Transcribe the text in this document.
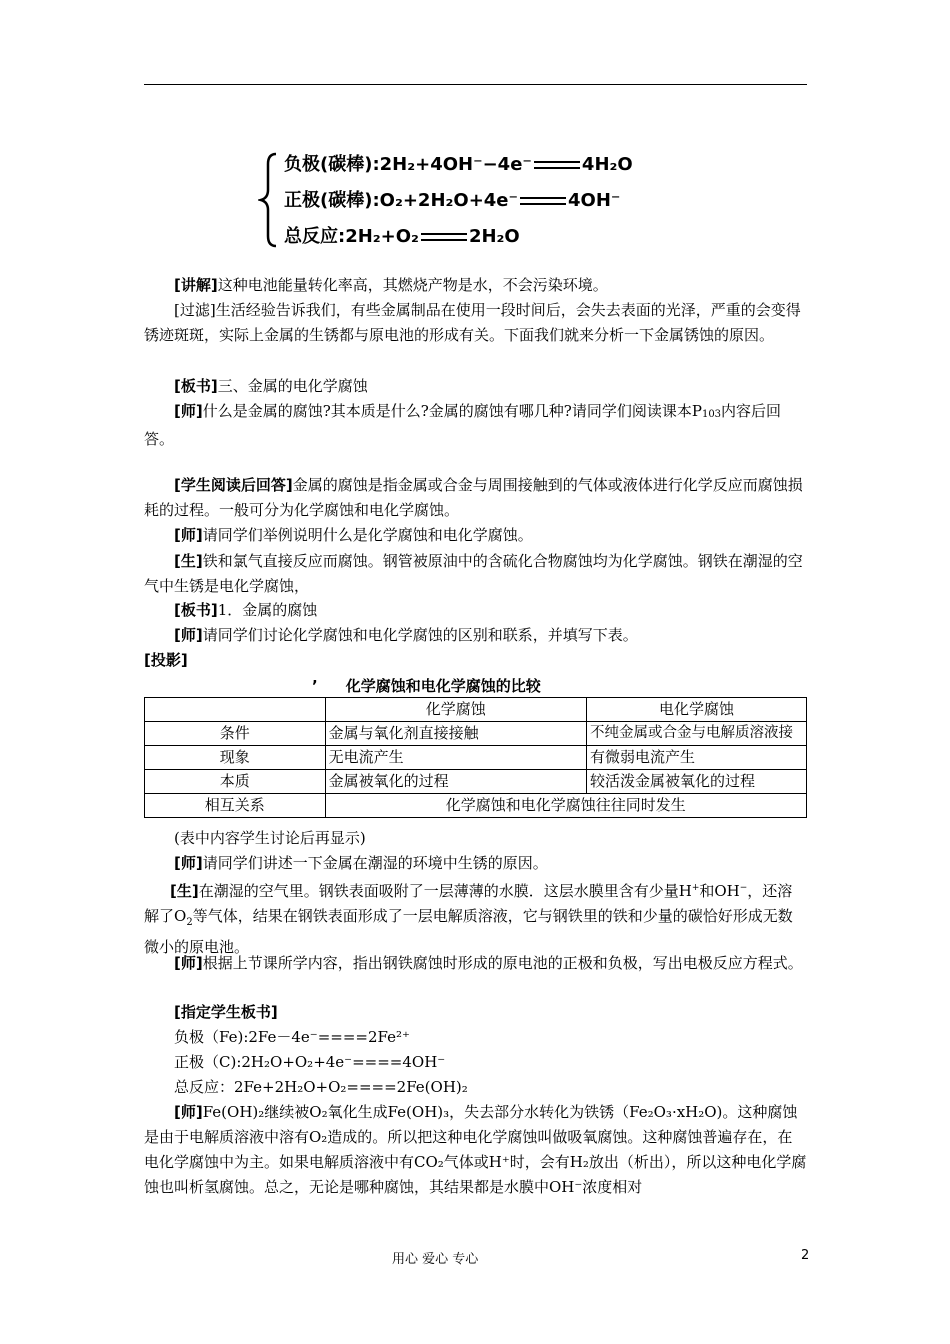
负极(碳棒):2H₂+4OH⁻−4e⁻	4H₂O
正极(碳棒):O₂+2H₂O+4e⁻	4OH⁻
总反应:2H₂+O₂	2H₂O
[讲解]这种电池能量转化率高，其燃烧产物是水，不会污染环境。
[过滤]生活经验告诉我们，有些金属制品在使用一段时间后，会失去表面的光泽，严重的会变得锈迹斑斑，实际上金属的生锈都与原电池的形成有关。下面我们就来分析一下金属锈蚀的原因。
[板书]三、金属的电化学腐蚀
[师]什么是金属的腐蚀?其本质是什么?金属的腐蚀有哪几种?请同学们阅读课本P103内容后回答。
[学生阅读后回答]金属的腐蚀是指金属或合金与周围接触到的气体或液体进行化学反应而腐蚀损耗的过程。一般可分为化学腐蚀和电化学腐蚀。
[师]请同学们举例说明什么是化学腐蚀和电化学腐蚀。
[生]铁和氯气直接反应而腐蚀。钢管被原油中的含硫化合物腐蚀均为化学腐蚀。钢铁在潮湿的空气中生锈是电化学腐蚀，
[板书]1．金属的腐蚀
[师]请同学们讨论化学腐蚀和电化学腐蚀的区别和联系，并填写下表。
[投影]
’ 化学腐蚀和电化学腐蚀的比较
	化学腐蚀	电化学腐蚀
条件	金属与氧化剂直接接触	不纯金属或合金与电解质溶液接
现象	无电流产生	有微弱电流产生
本质	金属被氧化的过程	较活泼金属被氧化的过程
相互关系	化学腐蚀和电化学腐蚀往往同时发生	
(表中内容学生讨论后再显示)
[师]请同学们讲述一下金属在潮湿的环境中生锈的原因。
[生]在潮湿的空气里。钢铁表面吸附了一层薄薄的水膜．这层水膜里含有少量H+和OH−，还溶解了$O_2$等气体，结果在钢铁表面形成了一层电解质溶液，它与钢铁里的铁和少量的碳恰好形成无数微小的原电池。
[师]根据上节课所学内容，指出钢铁腐蚀时形成的原电池的正极和负极，写出电极反应方程式。
[指定学生板书]
负极（Fe):2Fe－4e⁻====2Fe²⁺
正极（C):2H₂O+O₂+4e⁻====4OH⁻
总反应：2Fe+2H₂O+O₂====2Fe(OH)₂
[师]Fe(OH)₂继续被O₂氧化生成Fe(OH)₃，失去部分水转化为铁锈（Fe₂O₃·xH₂O)。这种腐蚀是由于电解质溶液中溶有O₂造成的。所以把这种电化学腐蚀叫做吸氧腐蚀。这种腐蚀普遍存在，在电化学腐蚀中为主。如果电解质溶液中有CO₂气体或H⁺时，会有H₂放出（析出），所以这种电化学腐蚀也叫析氢腐蚀。总之，无论是哪种腐蚀，其结果都是水膜中OH⁻浓度相对
用心 爱心 专心	2
